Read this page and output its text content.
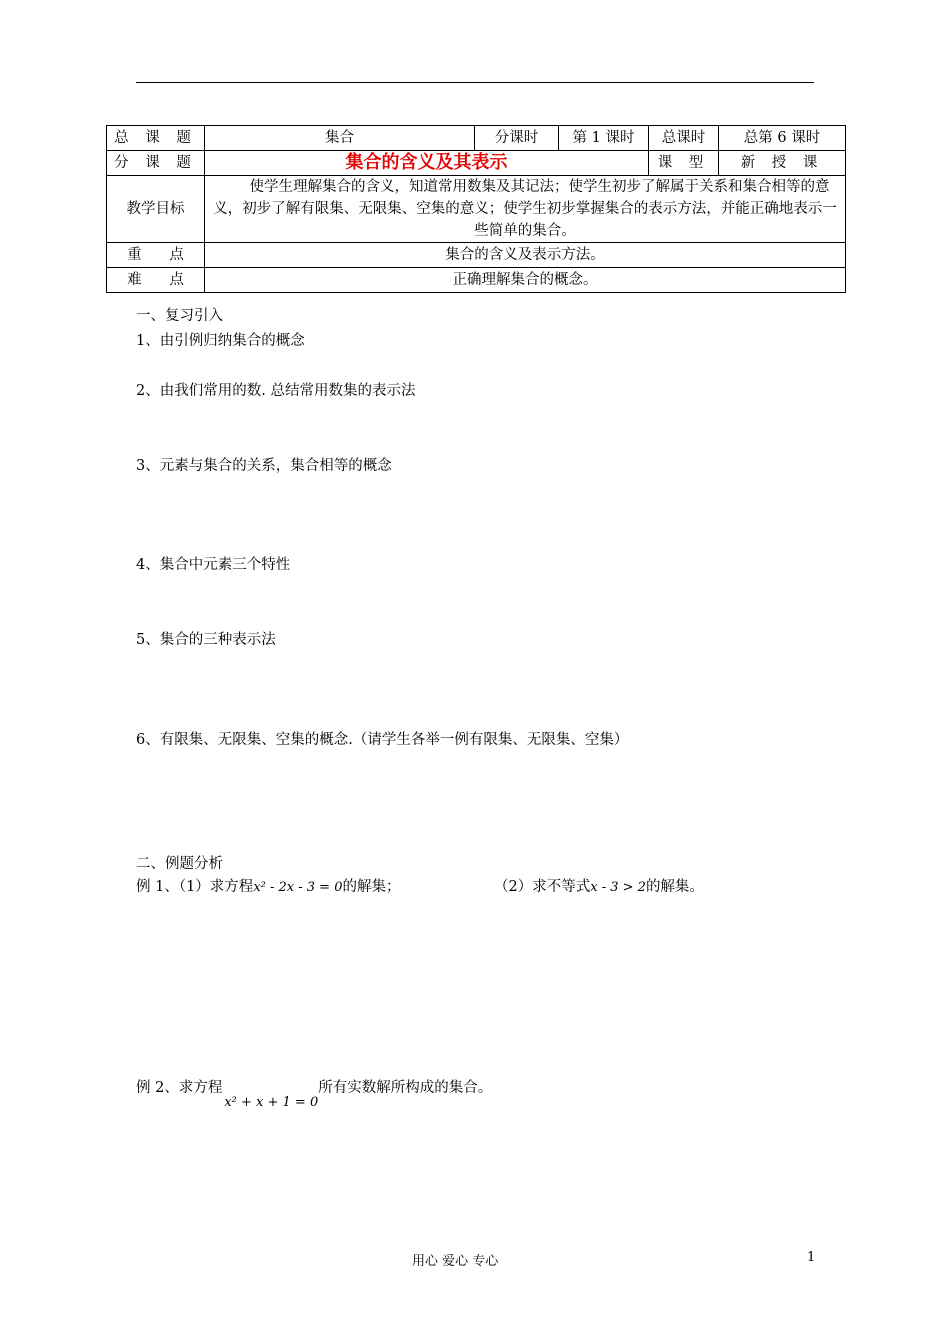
总 课 题	集合	分课时	第 1 课时	总课时	总第 6 课时
分 课 题	集合的含义及其表示			课 型	新 授 课
教学目标	使学生理解集合的含义，知道常用数集及其记法；使学生初步了解属于关系和集合相等的意义，初步了解有限集、无限集、空集的意义；使学生初步掌握集合的表示方法，并能正确地表示一些简单的集合。				
重      点	集合的含义及表示方法。				
难      点	正确理解集合的概念。				
一、复习引入
1、由引例归纳集合的概念
2、由我们常用的数. 总结常用数集的表示法
3、元素与集合的关系，集合相等的概念
4、集合中元素三个特性
5、集合的三种表示法
6、有限集、无限集、空集的概念.（请学生各举一例有限集、无限集、空集）
二、例题分析
例 1、（1）求方程x² - 2x - 3 = 0的解集；	（2）求不等式x - 3 > 2的解集。
例 2、求方程x² + x + 1 = 0所有实数解所构成的集合。
用心 爱心 专心	1
